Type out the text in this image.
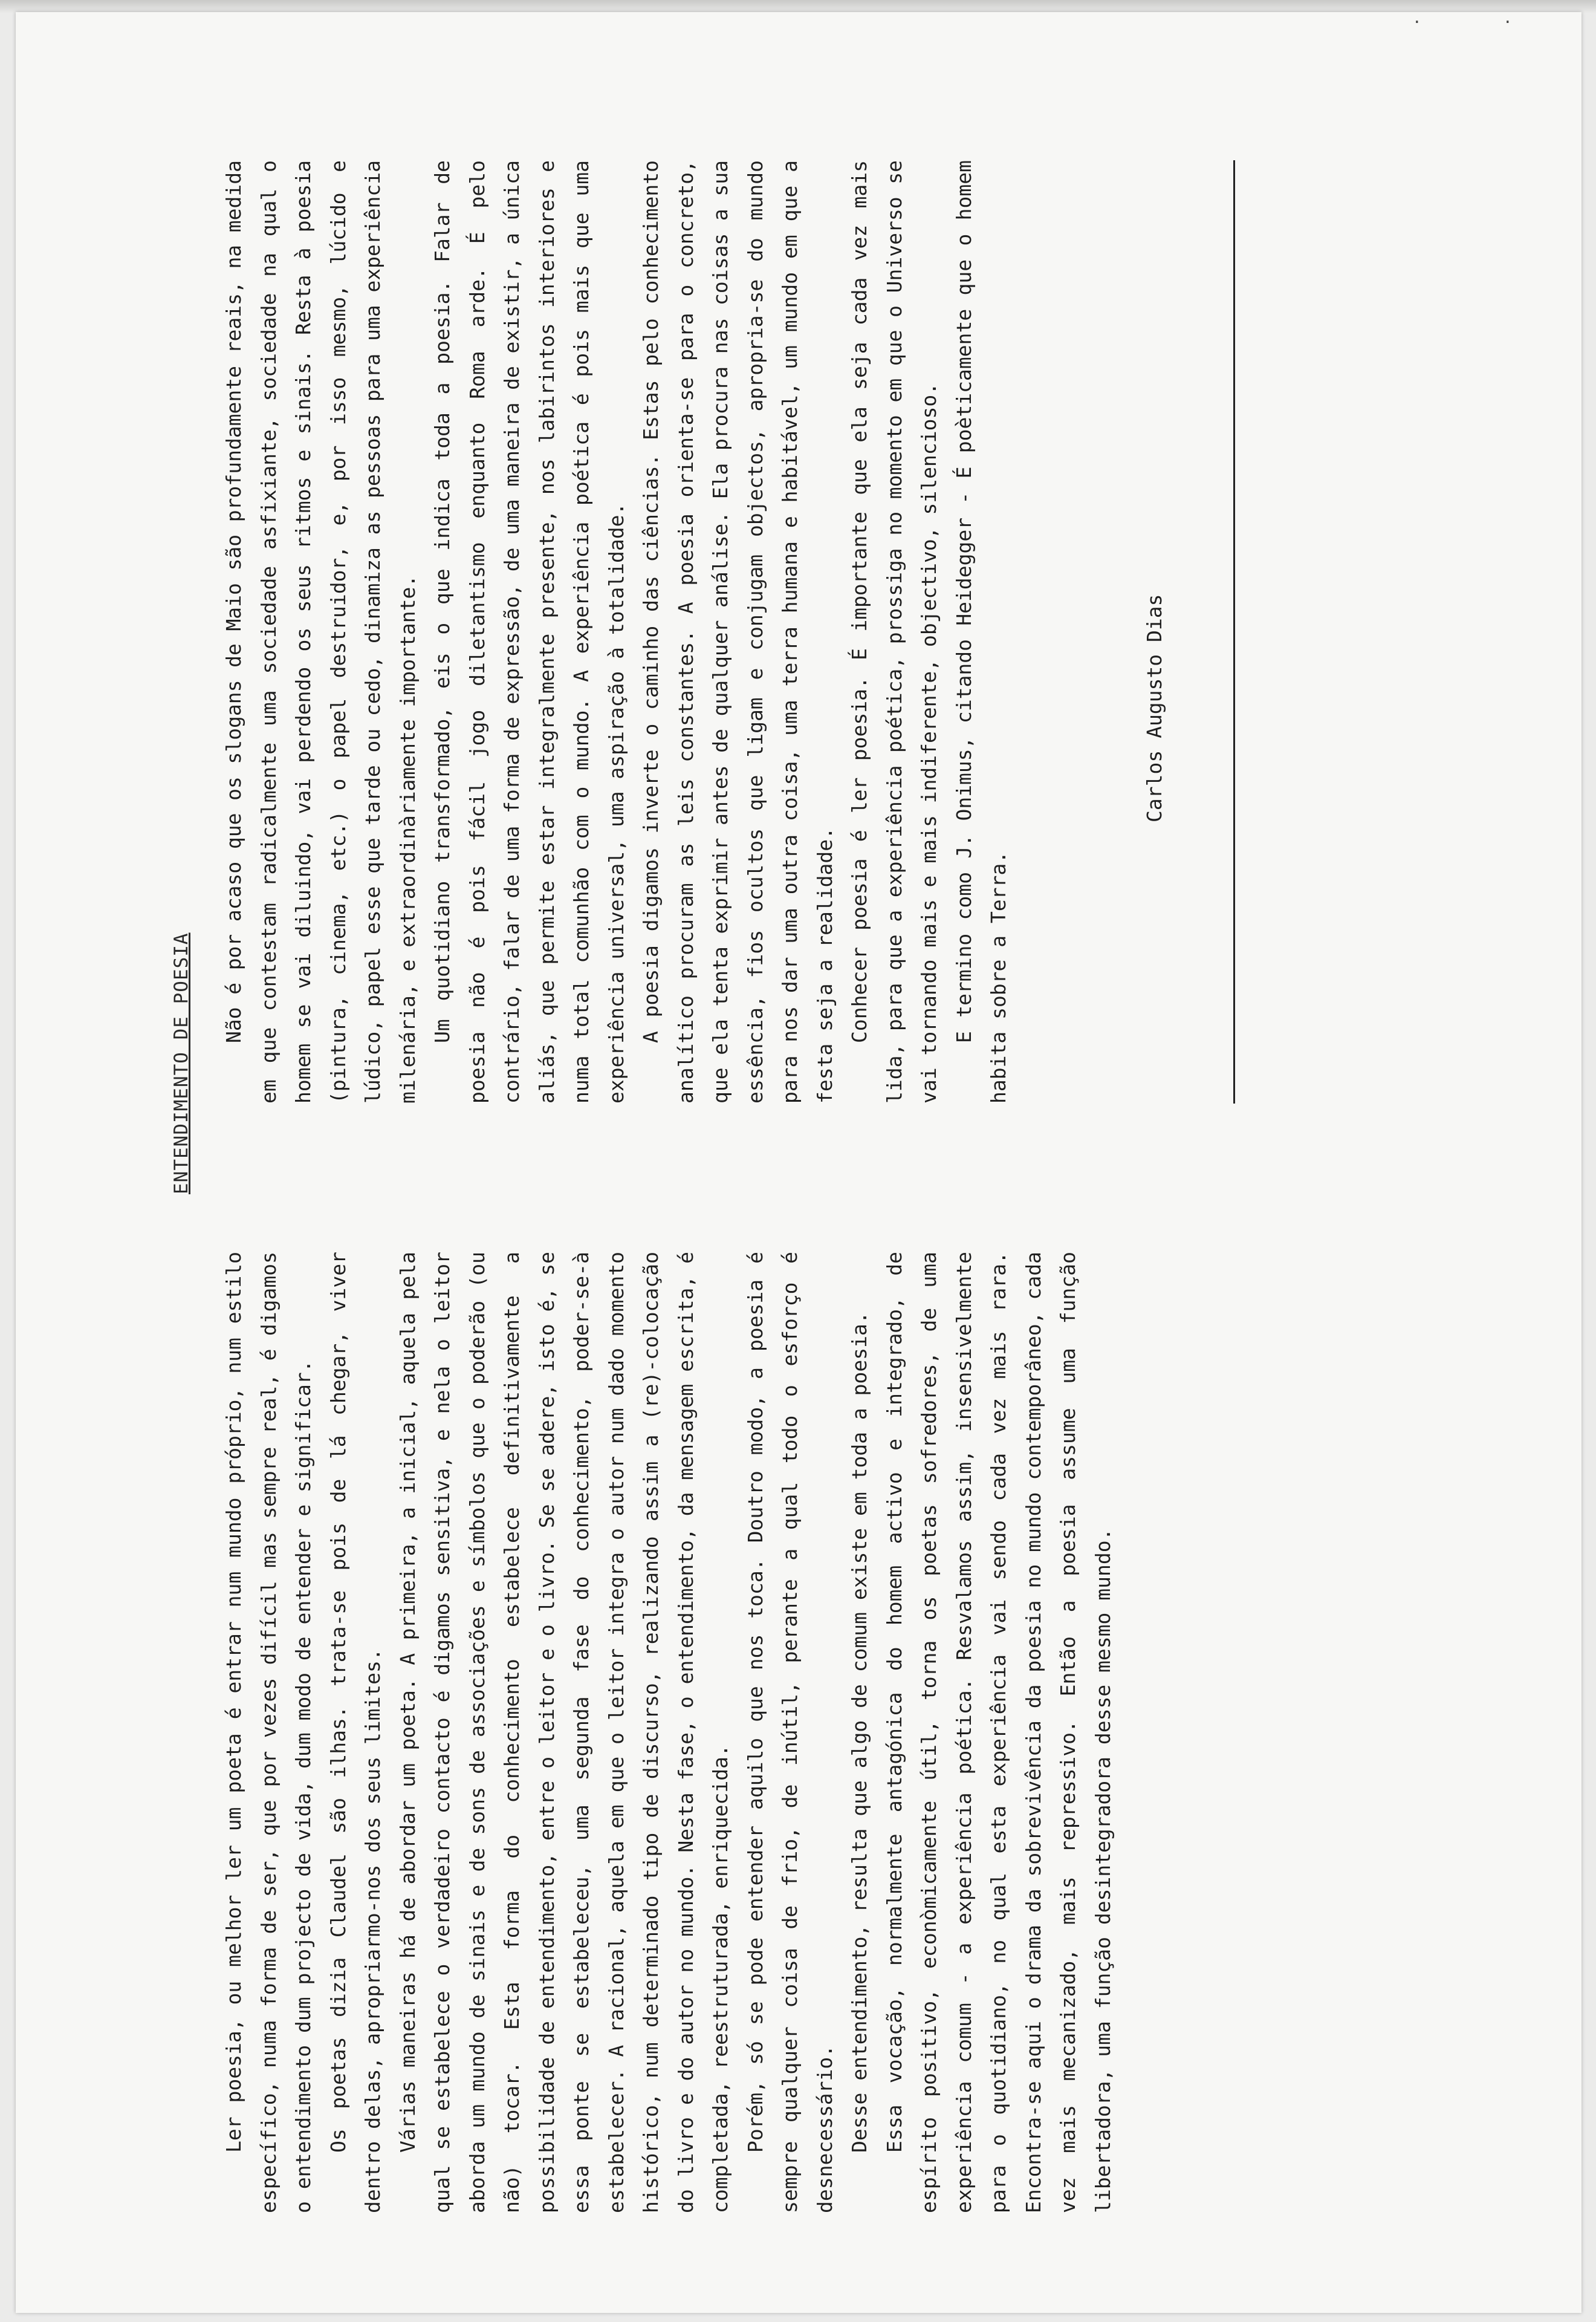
·	·
ENTENDIMENTO DE POESIA

Ler poesia, ou melhor ler um poeta é entrar num mundo próprio, num estilo específico, numa forma de ser, que por vezes difícil mas sempre real, é digamos o entendimento dum projecto de vida, dum modo de entender e significar. Os poetas dizia Claudel são ilhas. trata-se pois de lá chegar, viver dentro delas, apropriarmo-nos dos seus limites. Várias maneiras há de abordar um poeta. A primeira, a inicial, aquela pela qual se estabelece o verdadeiro contacto é digamos sensitiva, e nela o leitor aborda um mundo de sinais e de sons de associações e símbolos que o poderão (ou não) tocar. Esta forma do conhecimento estabelece definitivamente a possibilidade de entendimento, entre o leitor e o livro. Se se adere, isto é, se essa ponte se estabeleceu, uma segunda fase do conhecimento, poder-se-à estabelecer. A racional, aquela em que o leitor integra o autor num dado momento histórico, num determinado tipo de discurso, realizando assim a (re)-colocação do livro e do autor no mundo. Nesta fase, o entendimento, da mensagem escrita, é completada, reestruturada, enriquecida. Porém, só se pode entender aquilo que nos toca. Doutro modo, a poesia é sempre qualquer coisa de frio, de inútil, perante a qual todo o esforço é desnecessário. Desse entendimento, resulta que algo de comum existe em toda a poesia. Essa vocação, normalmente antagónica do homem activo e integrado, de espírito positivo, econòmicamente útil, torna os poetas sofredores, de uma experiência comum - a experiência poética. Resvalamos assim, insensivelmente para o quotidiano, no qual esta experiência vai sendo cada vez mais rara. Encontra-se aqui o drama da sobrevivência da poesia no mundo contemporâneo, cada vez mais mecanizado, mais repressivo. Então a poesia assume uma função libertadora, uma função desintegradora desse mesmo mundo.

Não é por acaso que os slogans de Maio são profundamente reais, na medida em que contestam radicalmente uma sociedade asfixiante, sociedade na qual o homem se vai diluindo, vai perdendo os seus ritmos e sinais. Resta à poesia (pintura, cinema, etc.) o papel destruidor, e, por isso mesmo, lúcido e lúdico, papel esse que tarde ou cedo, dinamiza as pessoas para uma experiência milenária, e extraordinàriamente importante. Um quotidiano transformado, eis o que indica toda a poesia. Falar de poesia não é pois fácil jogo diletantismo enquanto Roma arde. É pelo contrário, falar de uma forma de expressão, de uma maneira de existir, a única aliás, que permite estar integralmente presente, nos labirintos interiores e numa total comunhão com o mundo. A experiência poética é pois mais que uma experiência universal, uma aspiração à totalidade. A poesia digamos inverte o caminho das ciências. Estas pelo conhecimento analítico procuram as leis constantes. A poesia orienta-se para o concreto, que ela tenta exprimir antes de qualquer análise. Ela procura nas coisas a sua essência, fios ocultos que ligam e conjugam objectos, apropria-se do mundo para nos dar uma outra coisa, uma terra humana e habitável, um mundo em que a festa seja a realidade. Conhecer poesia é ler poesia. É importante que ela seja cada vez mais lida, para que a experiência poética, prossiga no momento em que o Universo se vai tornando mais e mais indiferente, objectivo, silencioso. E termino como J. Onimus, citando Heidegger - É poèticamente que o homem habita sobre a Terra.

Carlos Augusto Dias
